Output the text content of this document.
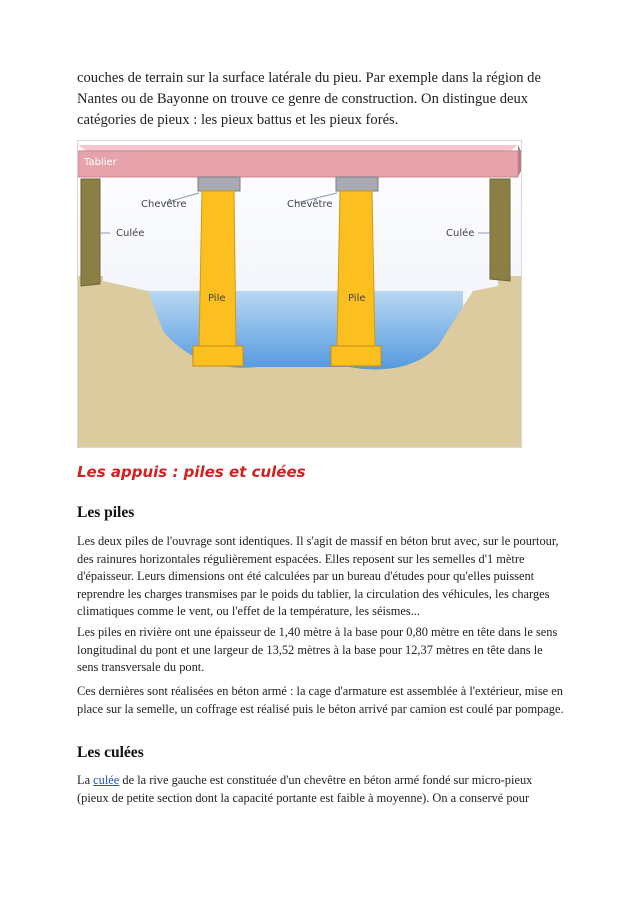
couches de terrain sur la surface latérale du pieu. Par exemple dans la région de Nantes ou de Bayonne on trouve ce genre de construction. On distingue deux catégories de pieux : les pieux battus et les pieux forés.

Tablier
Chevêtre	Chevêtre
Culée	Culée
Pile	Pile
Les appuis : piles et culées
Les piles

Les deux piles de l'ouvrage sont identiques. Il s'agit de massif en béton brut avec, sur le pourtour, des rainures horizontales régulièrement espacées. Elles reposent sur les semelles d'1 mètre d'épaisseur. Leurs dimensions ont été calculées par un bureau d'études pour qu'elles puissent reprendre les charges transmises par le poids du tablier, la circulation des véhicules, les charges climatiques comme le vent, ou l'effet de la température, les séismes...

Les piles en rivière ont une épaisseur de 1,40 mètre à la base pour 0,80 mètre en tête dans le sens longitudinal du pont et une largeur de 13,52 mètres à la base pour 12,37 mètres en tête dans le sens transversale du pont.

Ces dernières sont réalisées en béton armé : la cage d'armature est assemblée à l'extérieur, mise en place sur la semelle, un coffrage est réalisé puis le béton arrivé par camion est coulé par pompage.

Les culées

La culée de la rive gauche est constituée d'un chevêtre en béton armé fondé sur micro-pieux (pieux de petite section dont la capacité portante est faible à moyenne). On a conservé pour
